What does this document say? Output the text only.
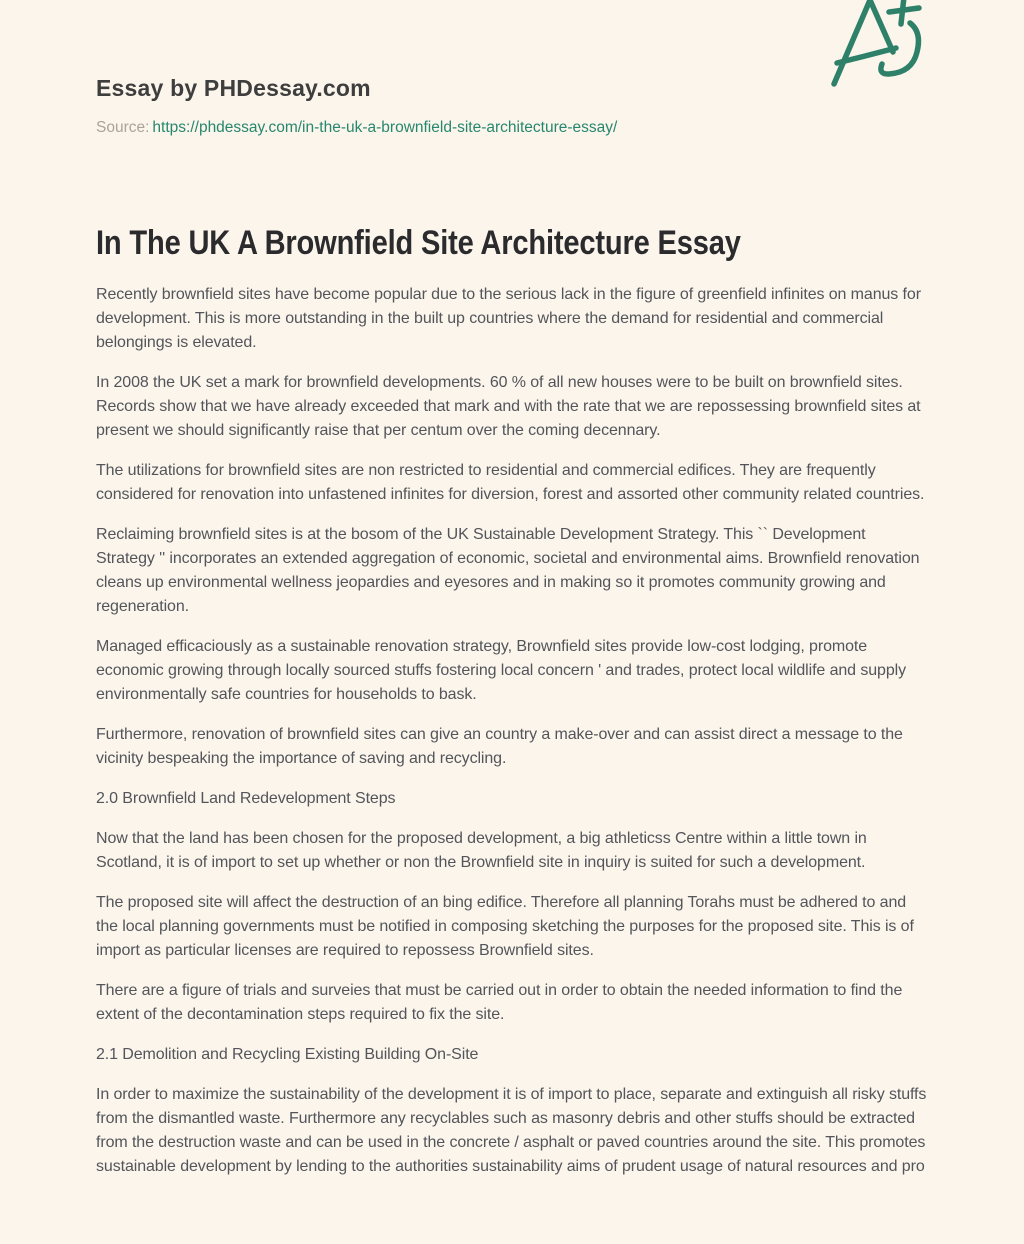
Essay by PHDessay.com
Source: https://phdessay.com/in-the-uk-a-brownfield-site-architecture-essay/
In The UK A Brownfield Site Architecture Essay

Recently brownfield sites have become popular due to the serious lack in the figure of greenfield infinites on manus for development. This is more outstanding in the built up countries where the demand for residential and commercial belongings is elevated.

In 2008 the UK set a mark for brownfield developments. 60 % of all new houses were to be built on brownfield sites. Records show that we have already exceeded that mark and with the rate that we are repossessing brownfield sites at present we should significantly raise that per centum over the coming decennary.

The utilizations for brownfield sites are non restricted to residential and commercial edifices. They are frequently considered for renovation into unfastened infinites for diversion, forest and assorted other community related countries.

Reclaiming brownfield sites is at the bosom of the UK Sustainable Development Strategy. This `` Development Strategy '' incorporates an extended aggregation of economic, societal and environmental aims. Brownfield renovation cleans up environmental wellness jeopardies and eyesores and in making so it promotes community growing and regeneration.

Managed efficaciously as a sustainable renovation strategy, Brownfield sites provide low-cost lodging, promote economic growing through locally sourced stuffs fostering local concern ' and trades, protect local wildlife and supply environmentally safe countries for households to bask.

Furthermore, renovation of brownfield sites can give an country a make-over and can assist direct a message to the vicinity bespeaking the importance of saving and recycling.

2.0 Brownfield Land Redevelopment Steps

Now that the land has been chosen for the proposed development, a big athleticss Centre within a little town in Scotland, it is of import to set up whether or non the Brownfield site in inquiry is suited for such a development.

The proposed site will affect the destruction of an bing edifice. Therefore all planning Torahs must be adhered to and the local planning governments must be notified in composing sketching the purposes for the proposed site. This is of import as particular licenses are required to repossess Brownfield sites.

There are a figure of trials and surveies that must be carried out in order to obtain the needed information to find the extent of the decontamination steps required to fix the site.

2.1 Demolition and Recycling Existing Building On-Site

In order to maximize the sustainability of the development it is of import to place, separate and extinguish all risky stuffs from the dismantled waste. Furthermore any recyclables such as masonry debris and other stuffs should be extracted from the destruction waste and can be used in the concrete / asphalt or paved countries around the site. This promotes sustainable development by lending to the authorities sustainability aims of prudent usage of natural resources and pro
